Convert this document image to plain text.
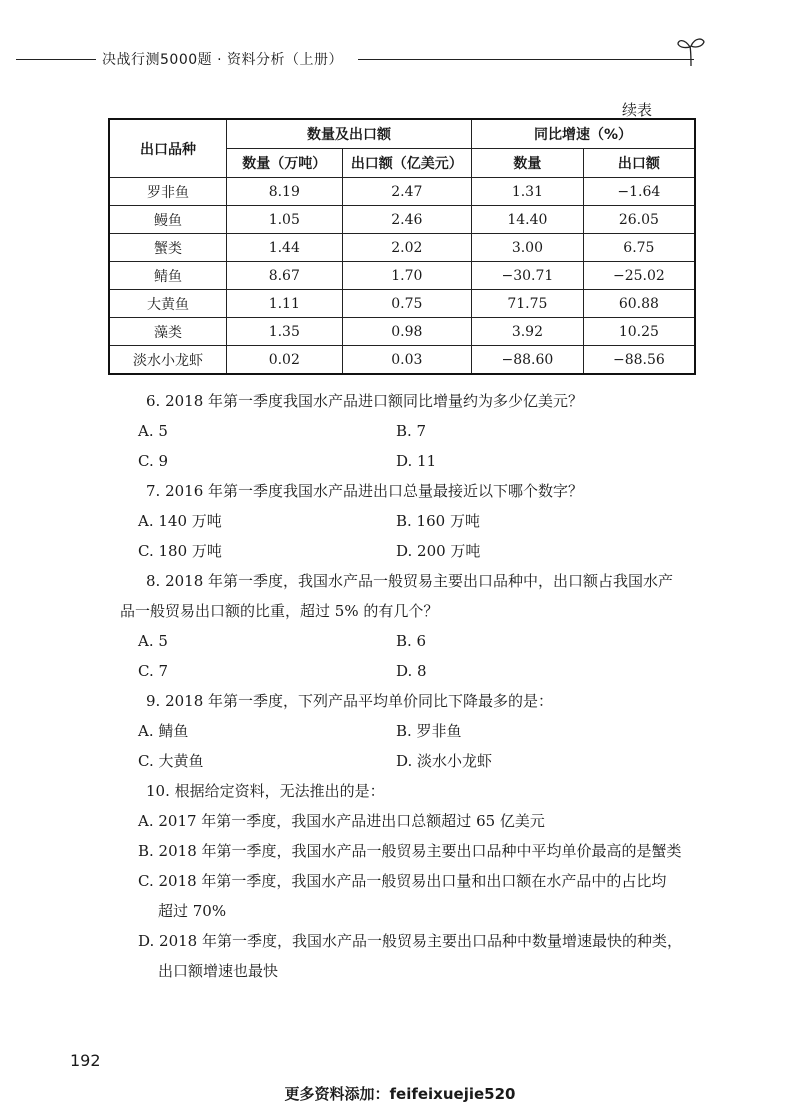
决战行测5000题 · 资料分析（上册）
续表
出口品种	数量及出口额		同比增速（%）	
	数量（万吨）	出口额（亿美元）	数量	出口额
罗非鱼	8.19	2.47	1.31	−1.64
鳗鱼	1.05	2.46	14.40	26.05
蟹类	1.44	2.02	3.00	6.75
鲭鱼	8.67	1.70	−30.71	−25.02
大黄鱼	1.11	0.75	71.75	60.88
藻类	1.35	0.98	3.92	10.25
淡水小龙虾	0.02	0.03	−88.60	−88.56
6. 2018 年第一季度我国水产品进口额同比增量约为多少亿美元？
A. 5	B. 7
C. 9	D. 11
7. 2016 年第一季度我国水产品进出口总量最接近以下哪个数字？
A. 140 万吨	B. 160 万吨
C. 180 万吨	D. 200 万吨
8. 2018 年第一季度，我国水产品一般贸易主要出口品种中，出口额占我国水产
品一般贸易出口额的比重，超过 5% 的有几个？
A. 5	B. 6
C. 7	D. 8
9. 2018 年第一季度，下列产品平均单价同比下降最多的是：
A. 鲭鱼	B. 罗非鱼
C. 大黄鱼	D. 淡水小龙虾
10. 根据给定资料，无法推出的是：
A. 2017 年第一季度，我国水产品进出口总额超过 65 亿美元
B. 2018 年第一季度，我国水产品一般贸易主要出口品种中平均单价最高的是蟹类
C. 2018 年第一季度，我国水产品一般贸易出口量和出口额在水产品中的占比均
超过 70%
D. 2018 年第一季度，我国水产品一般贸易主要出口品种中数量增速最快的种类，
出口额增速也最快
192
更多资料添加：feifeixuejie520
